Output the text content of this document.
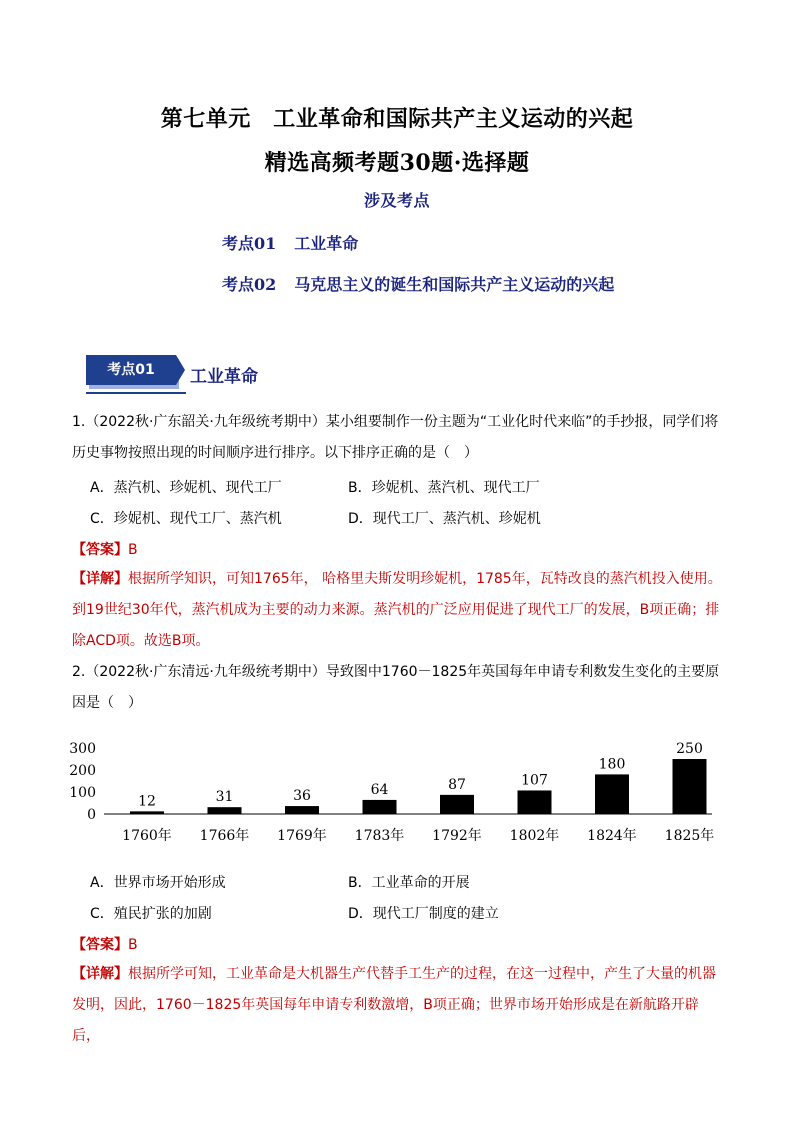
第七单元　工业革命和国际共产主义运动的兴起
精选高频考题30题·选择题
涉及考点
考点01 工业革命
考点02 马克思主义的诞生和国际共产主义运动的兴起
考点01	工业革命
1.（2022秋·广东韶关·九年级统考期中）某小组要制作一份主题为“工业化时代来临”的手抄报，同学们将历史事物按照出现的时间顺序进行排序。以下排序正确的是（　）
A．蒸汽机、珍妮机、现代工厂	B．珍妮机、蒸汽机、现代工厂
C．珍妮机、现代工厂、蒸汽机	D．现代工厂、蒸汽机、珍妮机
【答案】B
【详解】根据所学知识，可知1765年， 哈格里夫斯发明珍妮机，1785年，瓦特改良的蒸汽机投入使用。到19世纪30年代，蒸汽机成为主要的动力来源。蒸汽机的广泛应用促进了现代工厂的发展，B项正确；排除ACD项。故选B项。
2.（2022秋·广东清远·九年级统考期中）导致图中1760－1825年英国每年申请专利数发生变化的主要原因是（　）
0
100
200
300
12
1760年
31
1766年
36
1769年
64
1783年
87
1792年
107
1802年
180
1824年
250
1825年
A．世界市场开始形成	B．工业革命的开展
C．殖民扩张的加剧	D．现代工厂制度的建立
【答案】B
【详解】根据所学可知，工业革命是大机器生产代替手工生产的过程，在这一过程中，产生了大量的机器发明，因此，1760－1825年英国每年申请专利数激增，B项正确；世界市场开始形成是在新航路开辟后，
